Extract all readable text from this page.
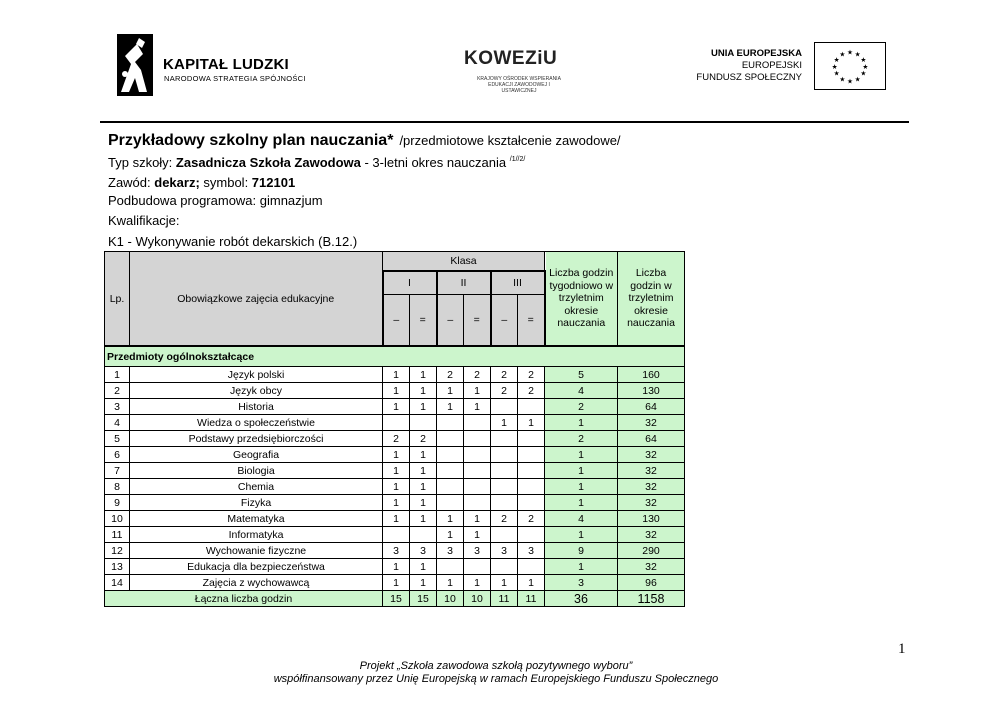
KAPITAŁ LUDZKI
NARODOWA STRATEGIA SPÓJNOŚCI
KOWEZiU
KRAJOWY OŚRODEK WSPIERANIA EDUKACJI ZAWODOWEJ I USTAWICZNEJ
UNIA EUROPEJSKA
EUROPEJSKI
FUNDUSZ SPOŁECZNY
★ ★
★
★
★
★
★
★
★
★
★
★
Przykładowy szkolny plan nauczania* /przedmiotowe kształcenie zawodowe/
Typ szkoły: Zasadnicza Szkoła Zawodowa - 3-letni okres nauczania $^{/1//2/}$
Zawód: dekarz; symbol: 712101
Podbudowa programowa: gimnazjum
Kwalifikacje:
K1 - Wykonywanie robót dekarskich (B.12.)
Lp.	Obowiązkowe zajęcia edukacyjne	Klasa						Liczba godzin tygodniowo w trzyletnim okresie nauczania	Liczba godzin w trzyletnim okresie nauczania
		I		II		III			
		–	=	–	=	–	=		
Przedmioty ogólnokształcące									
1	Język polski	1	1	2	2	2	2	5	160
2	Język obcy	1	1	1	1	2	2	4	130
3	Historia	1	1	1	1			2	64
4	Wiedza o społeczeństwie					1	1	1	32
5	Podstawy przedsiębiorczości	2	2					2	64
6	Geografia	1	1					1	32
7	Biologia	1	1					1	32
8	Chemia	1	1					1	32
9	Fizyka	1	1					1	32
10	Matematyka	1	1	1	1	2	2	4	130
11	Informatyka			1	1			1	32
12	Wychowanie fizyczne	3	3	3	3	3	3	9	290
13	Edukacja dla bezpieczeństwa	1	1					1	32
14	Zajęcia z wychowawcą	1	1	1	1	1	1	3	96
Łączna liczba godzin		15	15	10	10	11	11	36	1158
1
Projekt „Szkoła zawodowa szkołą pozytywnego wyboru”
współfinansowany przez Unię Europejską w ramach Europejskiego Funduszu Społecznego
